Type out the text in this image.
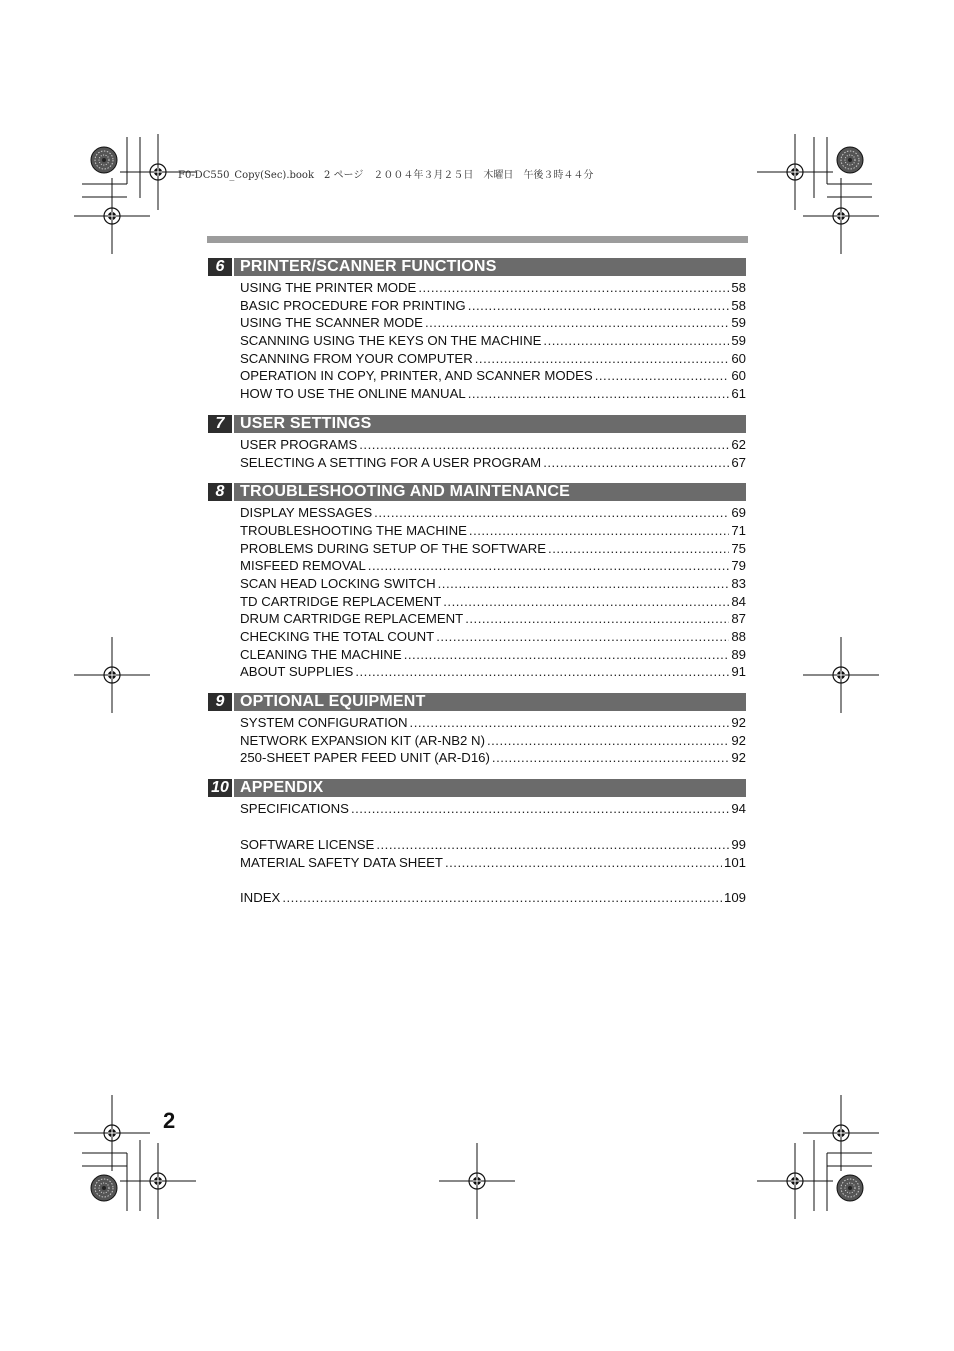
F0-DC550_Copy(Sec).book　2 ページ　２００４年３月２５日　木曜日　午後３時４４分
6 PRINTER/SCANNER FUNCTIONS
USING THE PRINTER MODE .....	58
BASIC PROCEDURE FOR PRINTING .....	58
USING THE SCANNER MODE .....	59
SCANNING USING THE KEYS ON THE MACHINE .....	59
SCANNING FROM YOUR COMPUTER .....	60
OPERATION IN COPY, PRINTER, AND SCANNER MODES .....	60
HOW TO USE THE ONLINE MANUAL .....	61
7 USER SETTINGS
USER PROGRAMS .....	62
SELECTING A SETTING FOR A USER PROGRAM .....	67
8 TROUBLESHOOTING AND MAINTENANCE
DISPLAY MESSAGES .....	69
TROUBLESHOOTING THE MACHINE .....	71
PROBLEMS DURING SETUP OF THE SOFTWARE .....	75
MISFEED REMOVAL .....	79
SCAN HEAD LOCKING SWITCH .....	83
TD CARTRIDGE REPLACEMENT .....	84
DRUM CARTRIDGE REPLACEMENT .....	87
CHECKING THE TOTAL COUNT .....	88
CLEANING THE MACHINE .....	89
ABOUT SUPPLIES .....	91
9 OPTIONAL EQUIPMENT
SYSTEM CONFIGURATION .....	92
NETWORK EXPANSION KIT (AR-NB2 N) .....	92
250-SHEET PAPER FEED UNIT (AR-D16) .....	92
10 APPENDIX
SPECIFICATIONS .....	94
SOFTWARE LICENSE .....	99
MATERIAL SAFETY DATA SHEET .....	101
INDEX .....	109
2
